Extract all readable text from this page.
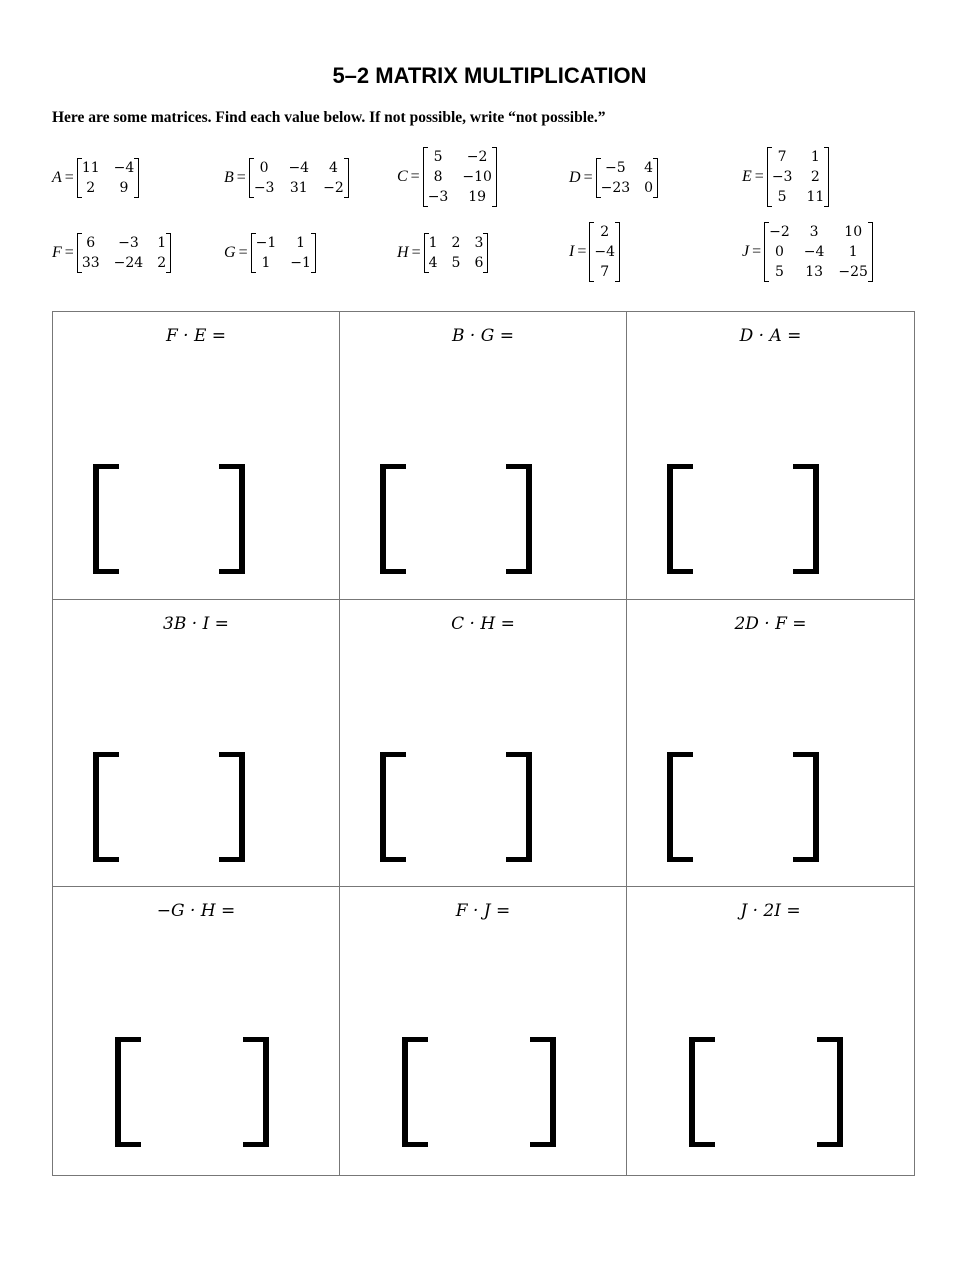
5–2 MATRIX MULTIPLICATION
Here are some matrices. Find each value below. If not possible, write “not possible.”
A =
11 −4
2	9
B =
0	−4	4
−3 31 −2
C =
5	−2
8	−10
−3	19
D =
−5	4
−23 0
E =
7	1
−3	2
5	11
F =
6	−3	1
33 −24 2
G =
−1	1
1	−1
H =
1 2 3
4 5 6
I =
2
−4
7
J =
−2	3	10
0	−4	1
5	13 −25
F · E =	B · G =	D · A =
3B · I =	C · H =	2D · F =
−G · H =	F · J =	J · 2I =
